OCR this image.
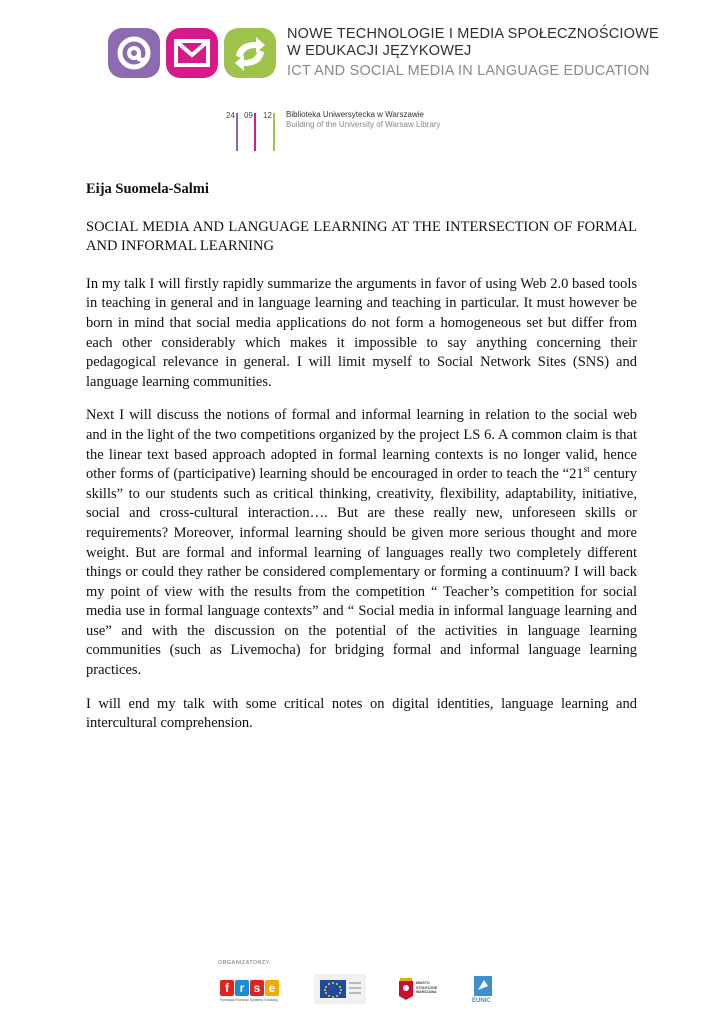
NOWE TECHNOLOGIE I MEDIA SPOŁECZNOŚCIOWE
W EDUKACJI JĘZYKOWEJ
ICT AND SOCIAL MEDIA IN LANGUAGE EDUCATION
24 09 12 Biblioteka Uniwersytecka w Warszawie
Building of the University of Warsaw Library

Eija Suomela-Salmi

SOCIAL MEDIA AND LANGUAGE LEARNING AT THE INTERSECTION OF FORMAL AND INFORMAL LEARNING

In my talk I will firstly rapidly summarize the arguments in favor of using Web 2.0 based tools in teaching in general and in language learning and teaching in particular. It must however be born in mind that social media applications do not form a homogeneous set but differ from each other considerably which makes it impossible to say anything concerning their pedagogical relevance in general. I will limit myself to Social Network Sites (SNS) and language learning communities.

Next I will discuss the notions of formal and informal learning in relation to the social web and in the light of the two competitions organized by the project LS 6. A common claim is that the linear text based approach adopted in formal learning contexts is no longer valid, hence other forms of (participative) learning should be encouraged in order to teach the “21st century skills” to our students such as critical thinking, creativity, flexibility, adaptability, initiative, social and cross-cultural interaction…. But are these really new, unforeseen skills or requirements? Moreover, informal learning should be given more serious thought and more weight. But are formal and informal learning of languages really two completely different things or could they rather be considered complementary or forming a continuum? I will back my point of view with the results from the competition “ Teacher’s competition for social media use in formal language contexts” and “ Social media in informal language learning and use” and with the discussion on the potential of the activities in language learning communities (such as Livemocha) for bridging formal and informal language learning practices.

I will end my talk with some critical notes on digital identities, language learning and intercultural comprehension.

ORGANIZATORZY:
f r s e
Fundacja Rozwoju Systemu Edukacji
MIASTO
STOŁECZNE
WARSZAWA
EUNIC
